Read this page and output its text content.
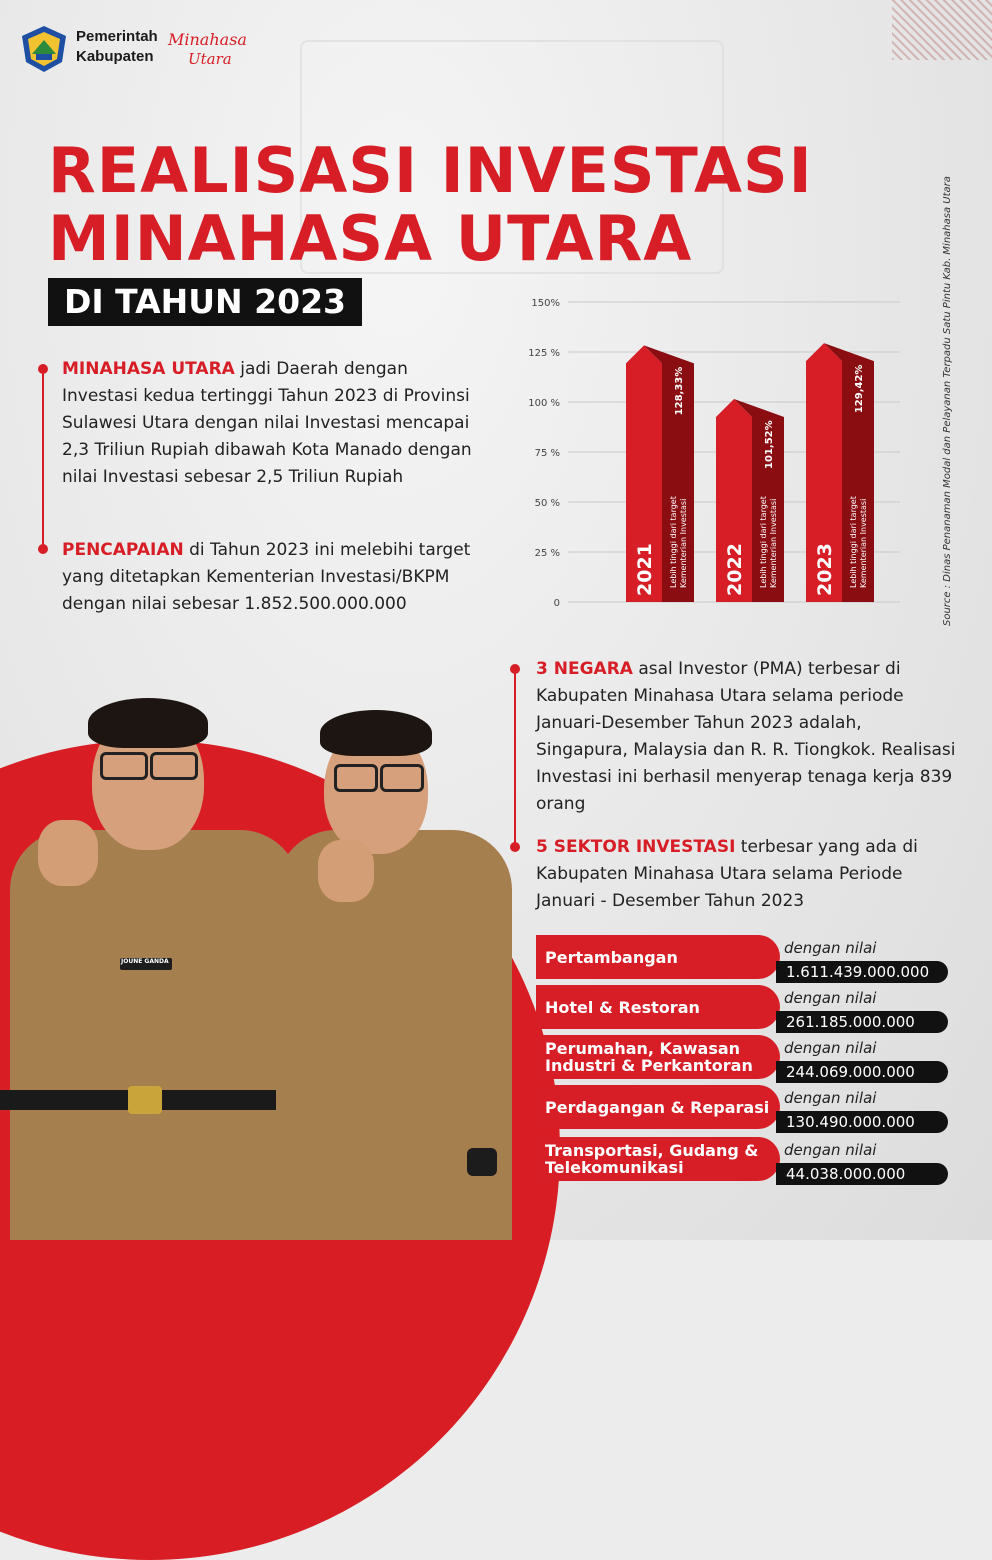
Pemerintah
Kabupaten
Minahasa
Utara
REALISASI INVESTASI
MINAHASA UTARA
DI TAHUN 2023
MINAHASA UTARA jadi Daerah dengan Investasi kedua tertinggi Tahun 2023 di Provinsi Sulawesi Utara dengan nilai Investasi mencapai 2,3 Triliun Rupiah dibawah Kota Manado dengan nilai Investasi sebesar 2,5 Triliun Rupiah
PENCAPAIAN di Tahun 2023 ini melebihi target yang ditetapkan Kementerian Investasi/BKPM dengan nilai sebesar 1.852.500.000.000	0
25 %
50 %
75 %
100 %
125 %
150%
2021 Lebih tinggi dari target Kementerian Investasi
128,33%
2022 Lebih tinggi dari target Kementerian Investasi
101,52%
2023 Lebih tinggi dari target Kementerian Investasi
129,42%	Source : Dinas Penanaman Modal dan Pelayanan Terpadu Satu Pintu Kab. Minahasa Utara
3 NEGARA asal Investor (PMA) terbesar di Kabupaten Minahasa Utara selama periode Januari-Desember Tahun 2023 adalah, Singapura, Malaysia dan R. R. Tiongkok. Realisasi Investasi ini berhasil menyerap tenaga kerja 839 orang
5 SEKTOR INVESTASI terbesar yang ada di Kabupaten Minahasa Utara selama Periode Januari - Desember Tahun 2023
Pertambangan	dengan nilai
1.611.439.000.000
Hotel & Restoran	dengan nilai
261.185.000.000
Perumahan, Kawasan Industri & Perkantoran
dengan nilai
244.069.000.000
Perdagangan & Reparasi dengan nilai
130.490.000.000
Transportasi, Gudang & Telekomunikasi
dengan nilai
44.038.000.000
JOUNE GANDA
